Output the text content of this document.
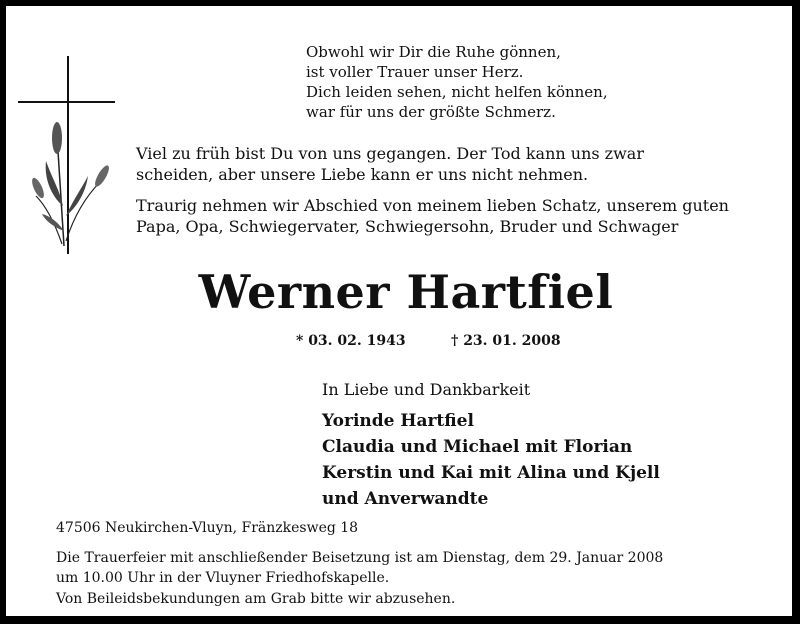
Obwohl wir Dir die Ruhe gönnen,
ist voller Trauer unser Herz.
Dich leiden sehen, nicht helfen können,
war für uns der größte Schmerz.
Viel zu früh bist Du von uns gegangen. Der Tod kann uns zwar
scheiden, aber unsere Liebe kann er uns nicht nehmen.
Traurig nehmen wir Abschied von meinem lieben Schatz, unserem guten
Papa, Opa, Schwiegervater, Schwiegersohn, Bruder und Schwager
Werner Hartfiel
* 03. 02. 1943	† 23. 01. 2008
In Liebe und Dankbarkeit
Yorinde Hartfiel
Claudia und Michael mit Florian
Kerstin und Kai mit Alina und Kjell
und Anverwandte
47506 Neukirchen-Vluyn, Fränzkesweg 18
Die Trauerfeier mit anschließender Beisetzung ist am Dienstag, dem 29. Januar 2008
um 10.00 Uhr in der Vluyner Friedhofskapelle.
Von Beileidsbekundungen am Grab bitte wir abzusehen.
